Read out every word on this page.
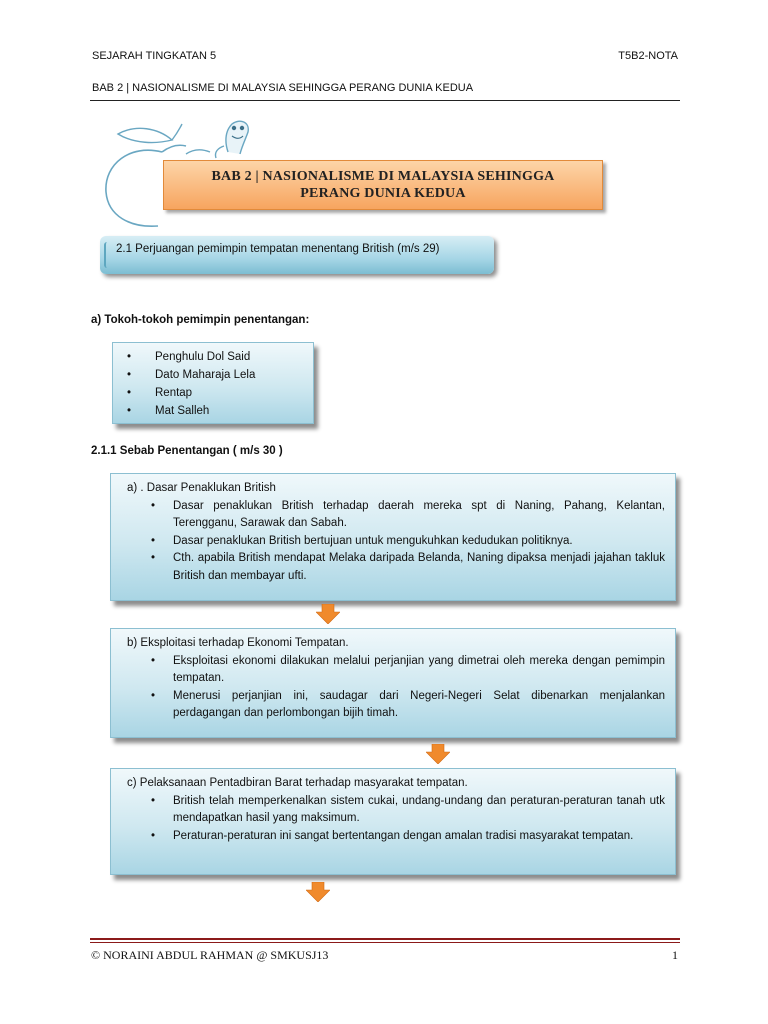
SEJARAH TINGKATAN 5	T5B2-NOTA
BAB 2 | NASIONALISME DI MALAYSIA SEHINGGA PERANG DUNIA KEDUA
BAB 2 | NASIONALISME DI MALAYSIA SEHINGGA
PERANG DUNIA KEDUA
2.1 Perjuangan pemimpin tempatan menentang British (m/s 29)
a) Tokoh-tokoh pemimpin penentangan:
• Penghulu Dol Said
• Dato Maharaja Lela
• Rentap
• Mat Salleh
2.1.1 Sebab Penentangan ( m/s 30 )
a) . Dasar Penaklukan British
• Dasar penaklukan British terhadap daerah mereka spt di Naning, Pahang, Kelantan, Terengganu, Sarawak dan Sabah.
• Dasar penaklukan British bertujuan untuk mengukuhkan kedudukan politiknya.
• Cth. apabila British mendapat Melaka daripada Belanda, Naning dipaksa menjadi jajahan takluk British dan membayar ufti.
b) Eksploitasi terhadap Ekonomi Tempatan.
• Eksploitasi ekonomi dilakukan melalui perjanjian yang dimetrai oleh mereka dengan pemimpin tempatan.
• Menerusi perjanjian ini, saudagar dari Negeri-Negeri Selat dibenarkan menjalankan perdagangan dan perlombongan bijih timah.
c) Pelaksanaan Pentadbiran Barat terhadap masyarakat tempatan.
• British telah memperkenalkan sistem cukai, undang-undang dan peraturan-peraturan tanah utk mendapatkan hasil yang maksimum.
• Peraturan-peraturan ini sangat bertentangan dengan amalan tradisi masyarakat tempatan.
© NORAINI ABDUL RAHMAN @ SMKUSJ13	1
